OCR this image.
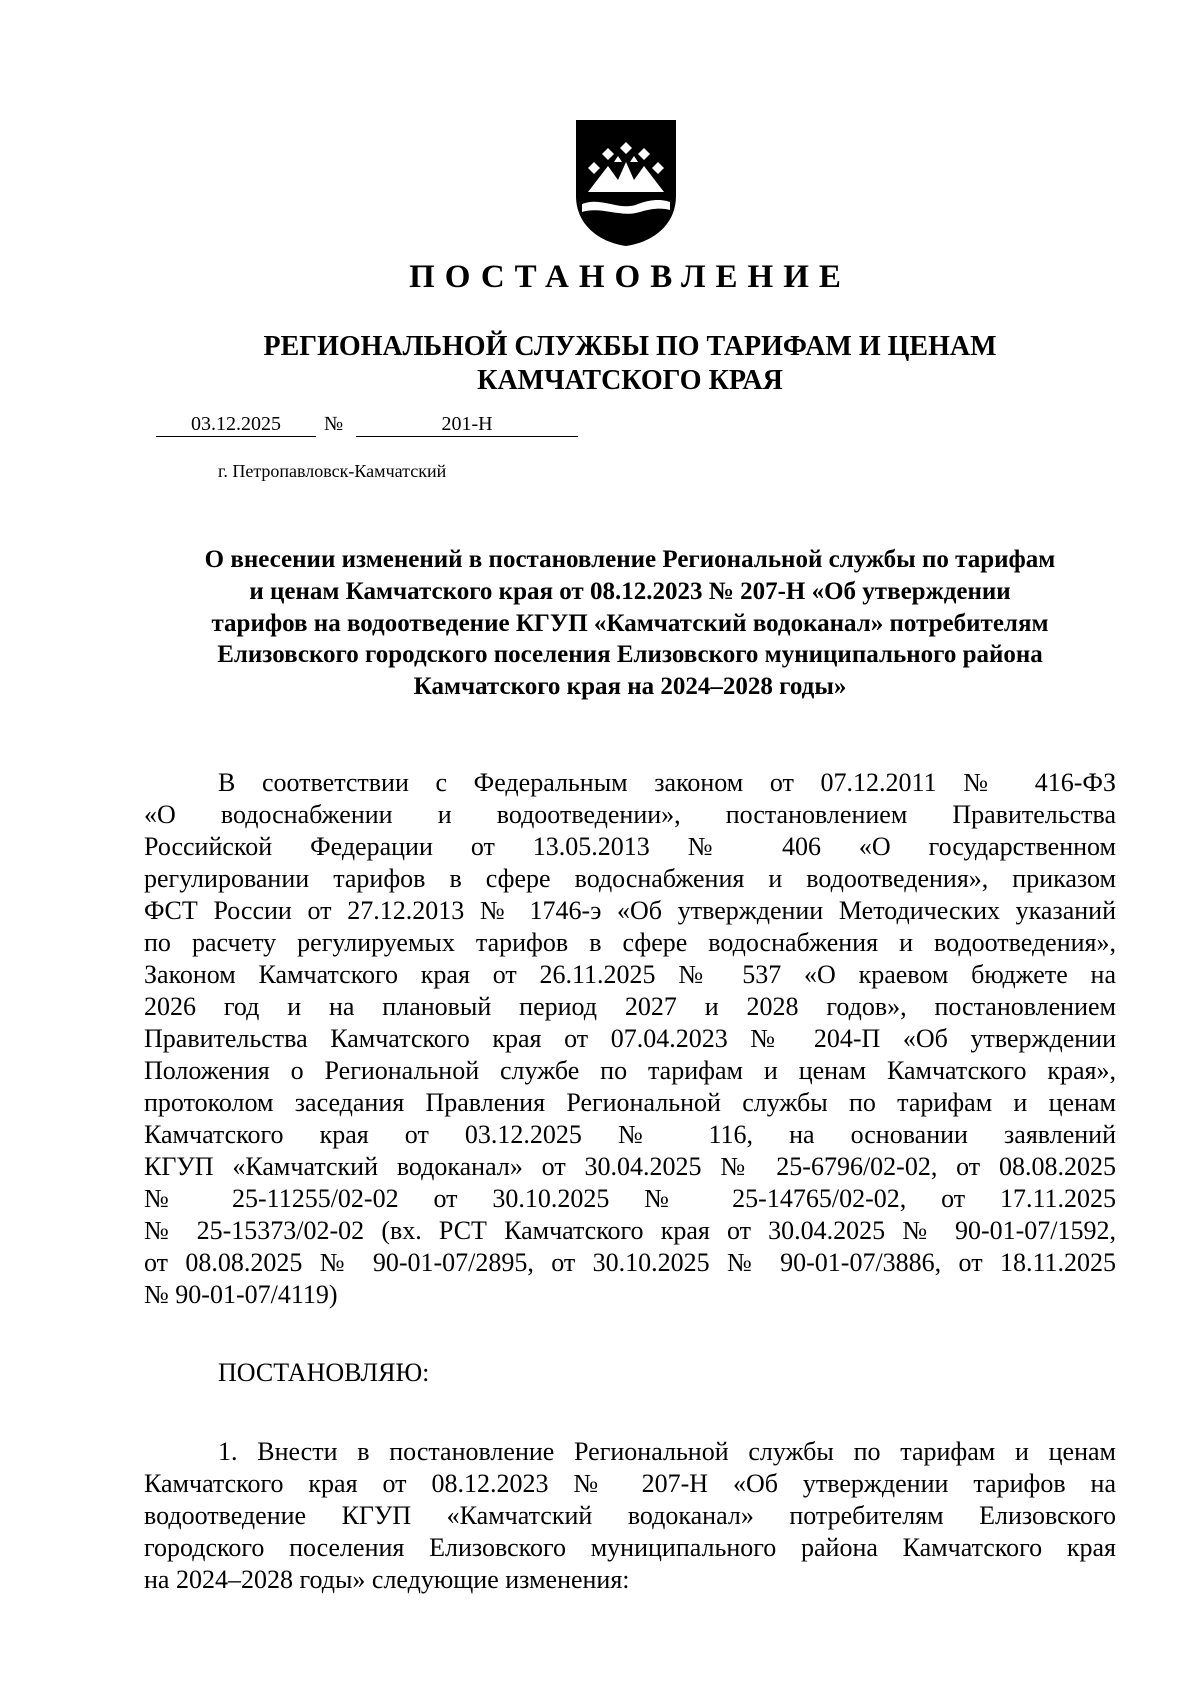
ПОСТАНОВЛЕНИЕ
РЕГИОНАЛЬНОЙ СЛУЖБЫ ПО ТАРИФАМ И ЦЕНАМ
КАМЧАТСКОГО КРАЯ
03.12.2025	№	201-Н
г. Петропавловск-Камчатский
О внесении изменений в постановление Региональной службы по тарифам
и ценам Камчатского края от 08.12.2023 № 207-Н «Об утверждении
тарифов на водоотведение КГУП «Камчатский водоканал» потребителям
Елизовского городского поселения Елизовского муниципального района
Камчатского края на 2024–2028 годы»
В соответствии с Федеральным законом от 07.12.2011 № 416-ФЗ
«О водоснабжении и водоотведении», постановлением Правительства
Российской Федерации от 13.05.2013 № 406 «О государственном
регулировании тарифов в сфере водоснабжения и водоотведения», приказом
ФСТ России от 27.12.2013 № 1746-э «Об утверждении Методических указаний
по расчету регулируемых тарифов в сфере водоснабжения и водоотведения»,
Законом Камчатского края от 26.11.2025 № 537 «О краевом бюджете на
2026 год и на плановый период 2027 и 2028 годов», постановлением
Правительства Камчатского края от 07.04.2023 № 204-П «Об утверждении
Положения о Региональной службе по тарифам и ценам Камчатского края»,
протоколом заседания Правления Региональной службы по тарифам и ценам
Камчатского края от 03.12.2025 № 116, на основании заявлений
КГУП «Камчатский водоканал» от 30.04.2025 № 25-6796/02-02, от 08.08.2025
№ 25-11255/02-02 от 30.10.2025 № 25-14765/02-02, от 17.11.2025
№ 25-15373/02-02 (вх. РСТ Камчатского края от 30.04.2025 № 90-01-07/1592,
от 08.08.2025 № 90-01-07/2895, от 30.10.2025 № 90-01-07/3886, от 18.11.2025
№ 90-01-07/4119)
ПОСТАНОВЛЯЮ:
1. Внести в постановление Региональной службы по тарифам и ценам
Камчатского края от 08.12.2023 № 207-Н «Об утверждении тарифов на
водоотведение КГУП «Камчатский водоканал» потребителям Елизовского
городского поселения Елизовского муниципального района Камчатского края
на 2024–2028 годы» следующие изменения:
